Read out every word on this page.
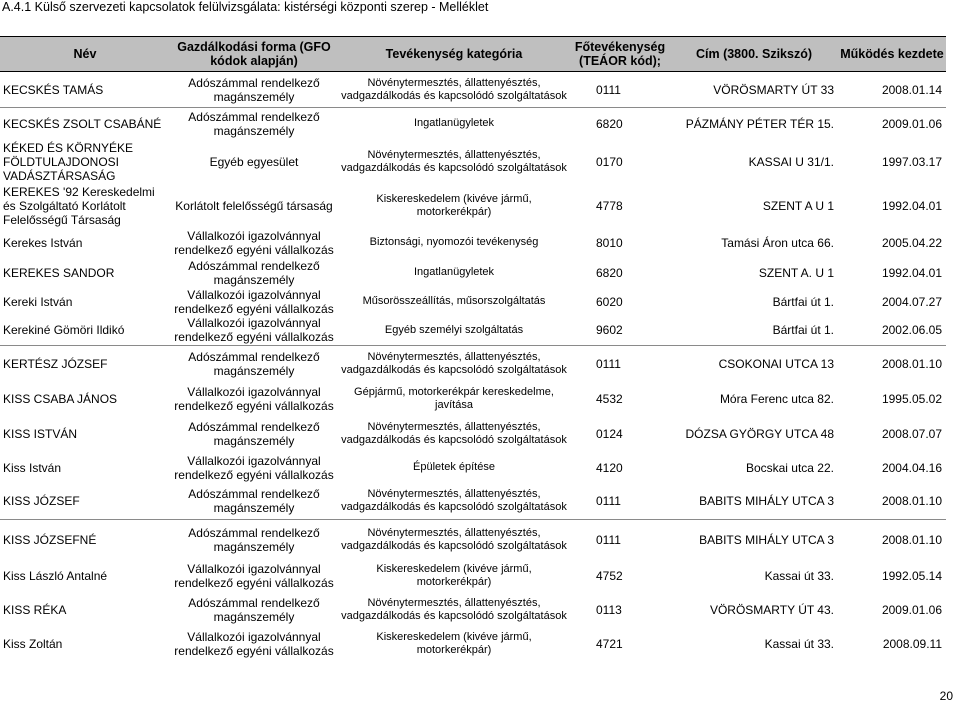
A.4.1 Külső szervezeti kapcsolatok felülvizsgálata: kistérségi központi szerep - Melléklet
Név	Gazdálkodási forma (GFO kódok alapján)	Tevékenység kategória	Főtevékenység (TEÁOR kód);	Cím (3800. Szikszó)	Működés kezdete
KECSKÉS TAMÁS	Adószámmal rendelkező magánszemély	Növénytermesztés, állattenyésztés, vadgazdálkodás és kapcsolódó szolgáltatások	0111	VÖRÖSMARTY ÚT 33	2008.01.14
KECSKÉS ZSOLT CSABÁNÉ	Adószámmal rendelkező magánszemély	Ingatlanügyletek	6820	PÁZMÁNY PÉTER TÉR 15.	2009.01.06
KÉKED ÉS KÖRNYÉKE FÖLDTULAJDONOSI VADÁSZTÁRSASÁG	Egyéb egyesület	Növénytermesztés, állattenyésztés, vadgazdálkodás és kapcsolódó szolgáltatások	0170	KASSAI U 31/1.	1997.03.17
KEREKES '92 Kereskedelmi és Szolgáltató Korlátolt Felelősségű Társaság	Korlátolt felelősségű társaság	Kiskereskedelem (kivéve jármű, motorkerékpár)	4778	SZENT A U 1	1992.04.01
Kerekes István	Vállalkozói igazolvánnyal rendelkező egyéni vállalkozás	Biztonsági, nyomozói tevékenység	8010	Tamási Áron utca 66.	2005.04.22
KEREKES SANDOR	Adószámmal rendelkező magánszemély	Ingatlanügyletek	6820	SZENT A. U 1	1992.04.01
Kereki István	Vállalkozói igazolvánnyal rendelkező egyéni vállalkozás	Műsorösszeállítás, műsorszolgáltatás	6020	Bártfai út 1.	2004.07.27
Kerekiné Gömöri Ildikó	Vállalkozói igazolvánnyal rendelkező egyéni vállalkozás	Egyéb személyi szolgáltatás	9602	Bártfai út 1.	2002.06.05
KERTÉSZ JÓZSEF	Adószámmal rendelkező magánszemély	Növénytermesztés, állattenyésztés, vadgazdálkodás és kapcsolódó szolgáltatások	0111	CSOKONAI UTCA 13	2008.01.10
KISS CSABA JÁNOS	Vállalkozói igazolvánnyal rendelkező egyéni vállalkozás	Gépjármű, motorkerékpár kereskedelme, javítása	4532	Móra Ferenc utca 82.	1995.05.02
KISS ISTVÁN	Adószámmal rendelkező magánszemély	Növénytermesztés, állattenyésztés, vadgazdálkodás és kapcsolódó szolgáltatások	0124	DÓZSA GYÖRGY UTCA 48	2008.07.07
Kiss István	Vállalkozói igazolvánnyal rendelkező egyéni vállalkozás	Épületek építése	4120	Bocskai utca 22.	2004.04.16
KISS JÓZSEF	Adószámmal rendelkező magánszemély	Növénytermesztés, állattenyésztés, vadgazdálkodás és kapcsolódó szolgáltatások	0111	BABITS MIHÁLY UTCA 3	2008.01.10
KISS JÓZSEFNÉ	Adószámmal rendelkező magánszemély	Növénytermesztés, állattenyésztés, vadgazdálkodás és kapcsolódó szolgáltatások	0111	BABITS MIHÁLY UTCA 3	2008.01.10
Kiss László Antalné	Vállalkozói igazolvánnyal rendelkező egyéni vállalkozás	Kiskereskedelem (kivéve jármű, motorkerékpár)	4752	Kassai út 33.	1992.05.14
KISS RÉKA	Adószámmal rendelkező magánszemély	Növénytermesztés, állattenyésztés, vadgazdálkodás és kapcsolódó szolgáltatások	0113	VÖRÖSMARTY ÚT 43.	2009.01.06
Kiss Zoltán	Vállalkozói igazolvánnyal rendelkező egyéni vállalkozás	Kiskereskedelem (kivéve jármű, motorkerékpár)	4721	Kassai út 33.	2008.09.11
20
